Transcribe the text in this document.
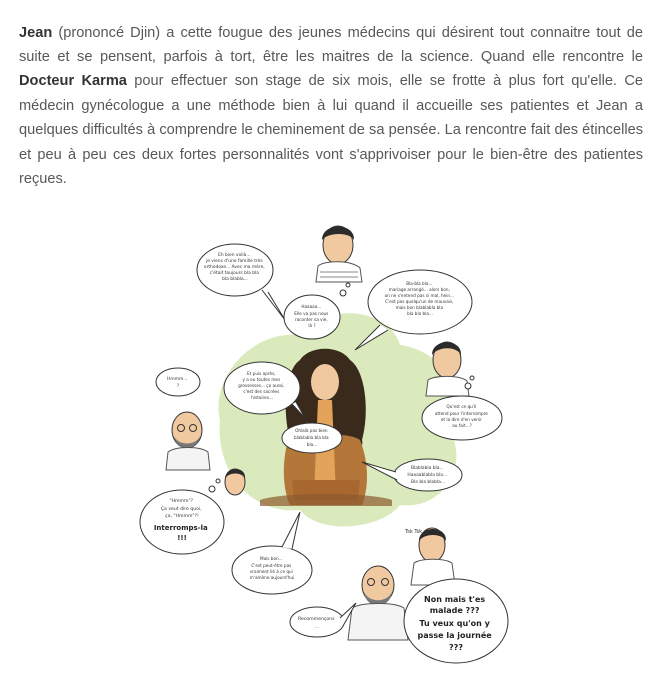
Jean (prononcé Djin) a cette fougue des jeunes médecins qui désirent tout connaitre tout de suite et se pensent, parfois à tort, être les maitres de la science. Quand elle rencontre le Docteur Karma pour effectuer son stage de six mois, elle se frotte à plus fort qu'elle. Ce médecin gynécologue a une méthode bien à lui quand il accueille ses patientes et Jean a quelques difficultés à comprendre le cheminement de sa pensée. La rencontre fait des étincelles et peu à peu ces deux fortes personnalités vont s'apprivoiser pour le bien-être des patientes reçues.

Eh bien voilà... je viens d'une famille très orthodoxe... Avec ma mère, c'était toujours bla bla bla blabla...
Haaaaa... Elle va pas nous raconter sa vie, là ?
Bla-bla bla... mariage arrangé... alors bon, on ne s'entend pas si mal, hein... C'est pas quelqu'un de mauvais, mais bon blablabla bla bla bla bla...
Hmmm... ?
Et puis après, y a eu toutes mes grossesses... ça aussi, c'est des sacrées histoires...
Qu'est ce qu'il attend pour l'interrompre et la dire d'en venir au fait...?
Ohlalà pas bien blablabla bla bla bla...
Blablabla bla... Haaaablabla bla... Bla bla blabla...
"Hmmm"? Ça veut dire quoi, ça, "Hmmm"?!
Interromps-la !!!
Mais bon... C'est peut-être pas vraiment lié à ce qui m'amène aujourd'hui
Recommençons ...
Non mais t'es malade ??? Tu veux qu'on y passe la journée ???
Tsk Tsk
